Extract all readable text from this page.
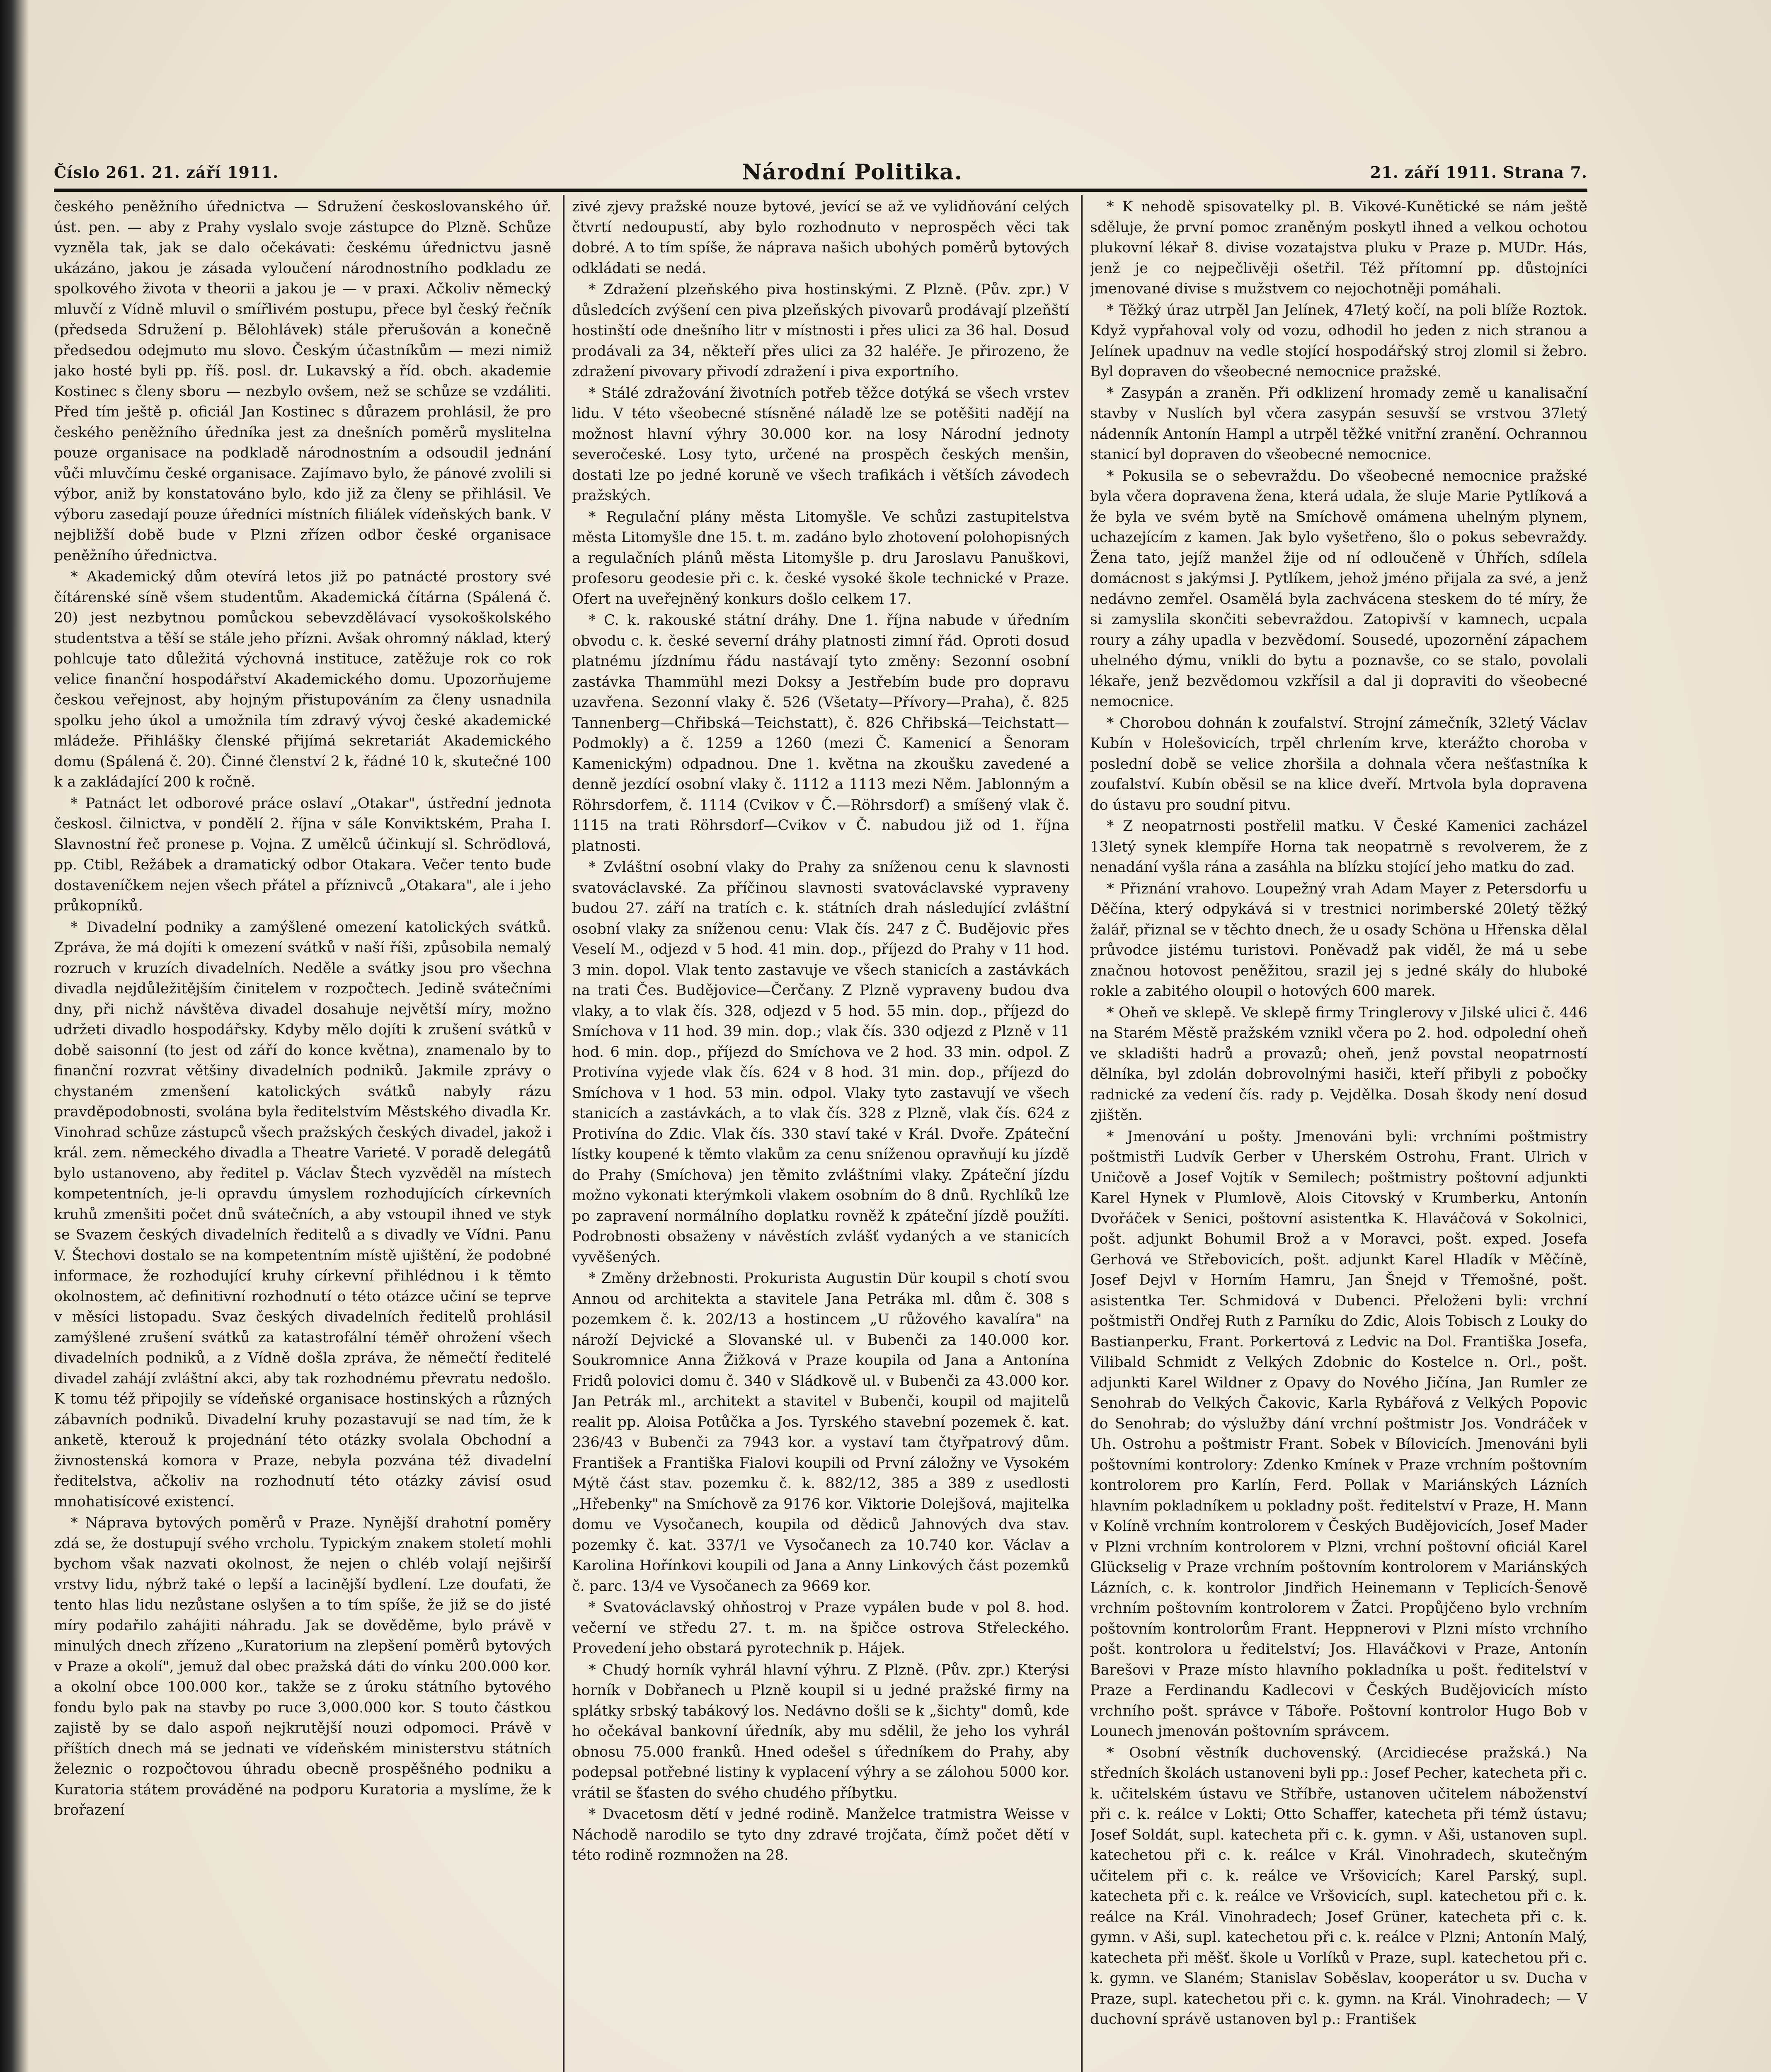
Číslo 261. 21. září 1911.	Národní Politika.	21. září 1911. Strana 7.

českého peněžního úřednictva — Sdružení českoslovanského úř. úst. pen. — aby z Prahy vyslalo svoje zástupce do Plzně. Schůze vyzněla tak, jak se dalo očekávati: českému úřednictvu jasně ukázáno, jakou je zásada vyloučení národnostního podkladu ze spolkového života v theorii a jakou je — v praxi. Ačkoliv německý mluvčí z Vídně mluvil o smířlivém postupu, přece byl český řečník (předseda Sdružení p. Bělohlávek) stále přerušován a konečně předsedou odejmuto mu slovo. Českým účastníkům — mezi nimiž jako hosté byli pp. říš. posl. dr. Lukavský a říd. obch. akademie Kostinec s členy sboru — nezbylo ovšem, než se schůze se vzdáliti. Před tím ještě p. oficiál Jan Kostinec s důrazem prohlásil, že pro českého peněžního úředníka jest za dnešních poměrů myslitelna pouze organisace na podkladě národnostním a odsoudil jednání vůči mluvčímu české organisace. Zajímavo bylo, že pánové zvolili si výbor, aniž by konstatováno bylo, kdo již za členy se přihlásil. Ve výboru zasedají pouze úředníci místních filiálek vídeňských bank. V nejbližší době bude v Plzni zřízen odbor české organisace peněžního úřednictva.

* Akademický dům otevírá letos již po patnácté prostory své čítárenské síně všem studentům. Akademická čítárna (Spálená č. 20) jest nezbytnou pomůckou sebevzdělávací vysokoškolského studentstva a těší se stále jeho přízni. Avšak ohromný náklad, který pohlcuje tato důležitá výchovná instituce, zatěžuje rok co rok velice finanční hospodářství Akademického domu. Upozorňujeme českou veřejnost, aby hojným přistupováním za členy usnadnila spolku jeho úkol a umožnila tím zdravý vývoj české akademické mládeže. Přihlášky členské přijímá sekretariát Akademického domu (Spálená č. 20). Činné členství 2 k, řádné 10 k, skutečné 100 k a zakládající 200 k ročně.

* Patnáct let odborové práce oslaví „Otakar", ústřední jednota českosl. čilnictva, v pondělí 2. října v sále Konviktském, Praha I. Slavnostní řeč pronese p. Vojna. Z umělců účinkují sl. Schrödlová, pp. Ctibl, Režábek a dramatický odbor Otakara. Večer tento bude dostaveníčkem nejen všech přátel a příznivců „Otakara", ale i jeho průkopníků.

* Divadelní podniky a zamýšlené omezení katolických svátků. Zpráva, že má dojíti k omezení svátků v naší říši, způsobila nemalý rozruch v kruzích divadelních. Neděle a svátky jsou pro všechna divadla nejdůležitějším činitelem v rozpočtech. Jedině svátečními dny, při nichž návštěva divadel dosahuje největší míry, možno udržeti divadlo hospodářsky. Kdyby mělo dojíti k zrušení svátků v době saisonní (to jest od září do konce května), znamenalo by to finanční rozvrat většiny divadelních podniků. Jakmile zprávy o chystaném zmenšení katolických svátků nabyly rázu pravděpodobnosti, svolána byla ředitelstvím Městského divadla Kr. Vinohrad schůze zástupců všech pražských českých divadel, jakož i král. zem. německého divadla a Theatre Varieté. V poradě delegátů bylo ustanoveno, aby ředitel p. Václav Štech vyzvěděl na místech kompetentních, je-li opravdu úmyslem rozhodujících církevních kruhů zmenšiti počet dnů svátečních, a aby vstoupil ihned ve styk se Svazem českých divadelních ředitelů a s divadly ve Vídni. Panu V. Štechovi dostalo se na kompetentním místě ujištění, že podobné informace, že rozhodující kruhy církevní přihlédnou i k těmto okolnostem, ač definitivní rozhodnutí o této otázce učiní se teprve v měsíci listopadu. Svaz českých divadelních ředitelů prohlásil zamýšlené zrušení svátků za katastrofální téměř ohrožení všech divadelních podniků, a z Vídně došla zpráva, že němečtí ředitelé divadel zahájí zvláštní akci, aby tak rozhodnému převratu nedošlo. K tomu též připojily se vídeňské organisace hostinských a různých zábavních podniků. Divadelní kruhy pozastavují se nad tím, že k anketě, kterouž k projednání této otázky svolala Obchodní a živnostenská komora v Praze, nebyla pozvána též divadelní ředitelstva, ačkoliv na rozhodnutí této otázky závisí osud mnohatisícové existencí.

* Náprava bytových poměrů v Praze. Nynější drahotní poměry zdá se, že dostupují svého vrcholu. Typickým znakem století mohli bychom však nazvati okolnost, že nejen o chléb volají nejširší vrstvy lidu, nýbrž také o lepší a lacinější bydlení. Lze doufati, že tento hlas lidu nezůstane oslyšen a to tím spíše, že již se do jisté míry podařilo zahájiti náhradu. Jak se dověděme, bylo právě v minulých dnech zřízeno „Kuratorium na zlepšení poměrů bytových v Praze a okolí", jemuž dal obec pražská dáti do vínku 200.000 kor. a okolní obce 100.000 kor., takže se z úroku státního bytového fondu bylo pak na stavby po ruce 3,000.000 kor. S touto částkou zajistě by se dalo aspoň nejkrutější nouzi odpomoci. Právě v příštích dnech má se jednati ve vídeňském ministerstvu státních železnic o rozpočtovou úhradu obecně prospěšného podniku a Kuratoria státem prováděné na podporu Kuratoria a myslíme, že k brořazení

zivé zjevy pražské nouze bytové, jevící se až ve vylidňování celých čtvrtí nedoupustí, aby bylo rozhodnuto v neprospěch věci tak dobré. A to tím spíše, že náprava našich ubohých poměrů bytových odkládati se nedá.

* Zdražení plzeňského piva hostinskými. Z Plzně. (Pův. zpr.) V důsledcích zvýšení cen piva plzeňských pivovarů prodávají plzeňští hostinští ode dnešního litr v místnosti i přes ulici za 36 hal. Dosud prodávali za 34, někteří přes ulici za 32 haléře. Je přirozeno, že zdražení pivovary přivodí zdražení i piva exportního.

* Stálé zdražování životních potřeb těžce dotýká se všech vrstev lidu. V této všeobecné stísněné náladě lze se potěšiti nadějí na možnost hlavní výhry 30.000 kor. na losy Národní jednoty severočeské. Losy tyto, určené na prospěch českých menšin, dostati lze po jedné koruně ve všech trafikách i větších závodech pražských.

* Regulační plány města Litomyšle. Ve schůzi zastupitelstva města Litomyšle dne 15. t. m. zadáno bylo zhotovení polohopisných a regulačních plánů města Litomyšle p. dru Jaroslavu Panuškovi, profesoru geodesie při c. k. české vysoké škole technické v Praze. Ofert na uveřejněný konkurs došlo celkem 17.

* C. k. rakouské státní dráhy. Dne 1. října nabude v úředním obvodu c. k. české severní dráhy platnosti zimní řád. Oproti dosud platnému jízdnímu řádu nastávají tyto změny: Sezonní osobní zastávka Thammühl mezi Doksy a Jestřebím bude pro dopravu uzavřena. Sezonní vlaky č. 526 (Všetaty—Přívory—Praha), č. 825 Tannenberg—Chřibská—Teichstatt), č. 826 Chřibská—Teichstatt—Podmokly) a č. 1259 a 1260 (mezi Č. Kamenicí a Šenoram Kamenickým) odpadnou. Dne 1. května na zkoušku zavedené a denně jezdící osobní vlaky č. 1112 a 1113 mezi Něm. Jablonným a Röhrsdorfem, č. 1114 (Cvikov v Č.—Röhrsdorf) a smíšený vlak č. 1115 na trati Röhrsdorf—Cvikov v Č. nabudou již od 1. října platnosti.

* Zvláštní osobní vlaky do Prahy za sníženou cenu k slavnosti svatováclavské. Za příčinou slavnosti svatováclavské vypraveny budou 27. září na tratích c. k. státních drah následující zvláštní osobní vlaky za sníženou cenu: Vlak čís. 247 z Č. Budějovic přes Veselí M., odjezd v 5 hod. 41 min. dop., příjezd do Prahy v 11 hod. 3 min. dopol. Vlak tento zastavuje ve všech stanicích a zastávkách na trati Čes. Budějovice—Čerčany. Z Plzně vypraveny budou dva vlaky, a to vlak čís. 328, odjezd v 5 hod. 55 min. dop., příjezd do Smíchova v 11 hod. 39 min. dop.; vlak čís. 330 odjezd z Plzně v 11 hod. 6 min. dop., příjezd do Smíchova ve 2 hod. 33 min. odpol. Z Protivína vyjede vlak čís. 624 v 8 hod. 31 min. dop., příjezd do Smíchova v 1 hod. 53 min. odpol. Vlaky tyto zastavují ve všech stanicích a zastávkách, a to vlak čís. 328 z Plzně, vlak čís. 624 z Protivína do Zdic. Vlak čís. 330 staví také v Král. Dvoře. Zpáteční lístky koupené k těmto vlakům za cenu sníženou opravňují ku jízdě do Prahy (Smíchova) jen těmito zvláštními vlaky. Zpáteční jízdu možno vykonati kterýmkoli vlakem osobním do 8 dnů. Rychlíků lze po zapravení normálního doplatku rovněž k zpáteční jízdě použíti. Podrobnosti obsaženy v návěstích zvlášť vydaných a ve stanicích vyvěšených.

* Změny držebnosti. Prokurista Augustin Dür koupil s chotí svou Annou od architekta a stavitele Jana Petráka ml. dům č. 308 s pozemkem č. k. 202/13 a hostincem „U růžového kavalíra" na nároží Dejvické a Slovanské ul. v Bubenči za 140.000 kor. Soukromnice Anna Žižková v Praze koupila od Jana a Antonína Fridů polovici domu č. 340 v Sládkově ul. v Bubenči za 43.000 kor. Jan Petrák ml., architekt a stavitel v Bubenči, koupil od majitelů realit pp. Aloisa Potůčka a Jos. Tyrského stavební pozemek č. kat. 236/43 v Bubenči za 7943 kor. a vystaví tam čtyřpatrový dům. František a Františka Fialovi koupili od První záložny ve Vysokém Mýtě část stav. pozemku č. k. 882/12, 385 a 389 z usedlosti „Hřebenky" na Smíchově za 9176 kor. Viktorie Dolejšová, majitelka domu ve Vysočanech, koupila od dědiců Jahnových dva stav. pozemky č. kat. 337/1 ve Vysočanech za 10.740 kor. Václav a Karolina Hořínkovi koupili od Jana a Anny Linkových část pozemků č. parc. 13/4 ve Vysočanech za 9669 kor.

* Svatováclavský ohňostroj v Praze vypálen bude v pol 8. hod. večerní ve středu 27. t. m. na špičce ostrova Střeleckého. Provedení jeho obstará pyrotechnik p. Hájek.

* Chudý horník vyhrál hlavní výhru. Z Plzně. (Pův. zpr.) Kterýsi horník v Dobřanech u Plzně koupil si u jedné pražské firmy na splátky srbský tabákový los. Nedávno došli se k „šichty" domů, kde ho očekával bankovní úředník, aby mu sdělil, že jeho los vyhrál obnosu 75.000 franků. Hned odešel s úředníkem do Prahy, aby podepsal potřebné listiny k vyplacení výhry a se zálohou 5000 kor. vrátil se šťasten do svého chudého příbytku.

* Dvacetosm dětí v jedné rodině. Manželce tratmistra Weisse v Náchodě narodilo se tyto dny zdravé trojčata, čímž počet dětí v této rodině rozmnožen na 28.

* K nehodě spisovatelky pl. B. Vikové-Kunětické se nám ještě sděluje, že první pomoc zraněným poskytl ihned a velkou ochotou plukovní lékař 8. divise vozatajstva pluku v Praze p. MUDr. Hás, jenž je co nejpečlivěji ošetřil. Též přítomní pp. důstojníci jmenované divise s mužstvem co nejochotněji pomáhali.

* Těžký úraz utrpěl Jan Jelínek, 47letý kočí, na poli blíže Roztok. Když vypřahoval voly od vozu, odhodil ho jeden z nich stranou a Jelínek upadnuv na vedle stojící hospodářský stroj zlomil si žebro. Byl dopraven do všeobecné nemocnice pražské.

* Zasypán a zraněn. Při odklizení hromady země u kanalisační stavby v Nuslích byl včera zasypán sesuvší se vrstvou 37letý nádenník Antonín Hampl a utrpěl těžké vnitřní zranění. Ochrannou stanicí byl dopraven do všeobecné nemocnice.

* Pokusila se o sebevraždu. Do všeobecné nemocnice pražské byla včera dopravena žena, která udala, že sluje Marie Pytlíková a že byla ve svém bytě na Smíchově omámena uhelným plynem, uchazejícím z kamen. Jak bylo vyšetřeno, šlo o pokus sebevraždy. Žena tato, jejíž manžel žije od ní odloučeně v Úhřích, sdílela domácnost s jakýmsi J. Pytlíkem, jehož jméno přijala za své, a jenž nedávno zemřel. Osamělá byla zachvácena steskem do té míry, že si zamyslila skončiti sebevraždou. Zatopivší v kamnech, ucpala roury a záhy upadla v bezvědomí. Sousedé, upozornění zápachem uhelného dýmu, vnikli do bytu a poznavše, co se stalo, povolali lékaře, jenž bezvědomou vzkřísil a dal ji dopraviti do všeobecné nemocnice.

* Chorobou dohnán k zoufalství. Strojní zámečník, 32letý Václav Kubín v Holešovicích, trpěl chrlením krve, kterážto choroba v poslední době se velice zhoršila a dohnala včera nešťastníka k zoufalství. Kubín oběsil se na klice dveří. Mrtvola byla dopravena do ústavu pro soudní pitvu.

* Z neopatrnosti postřelil matku. V České Kamenici zacházel 13letý synek klempíře Horna tak neopatrně s revolverem, že z nenadání vyšla rána a zasáhla na blízku stojící jeho matku do zad.

* Přiznání vrahovo. Loupežný vrah Adam Mayer z Petersdorfu u Děčína, který odpykává si v trestnici norimberské 20letý těžký žalář, přiznal se v těchto dnech, že u osady Schöna u Hřenska dělal průvodce jistému turistovi. Poněvadž pak viděl, že má u sebe značnou hotovost peněžitou, srazil jej s jedné skály do hluboké rokle a zabitého oloupil o hotových 600 marek.

* Oheň ve sklepě. Ve sklepě firmy Tringlerovy v Jilské ulici č. 446 na Starém Městě pražském vznikl včera po 2. hod. odpolední oheň ve skladišti hadrů a provazů; oheň, jenž povstal neopatrností dělníka, byl zdolán dobrovolnými hasiči, kteří přibyli z pobočky radnické za vedení čís. rady p. Vejdělka. Dosah škody není dosud zjištěn.

* Jmenování u pošty. Jmenováni byli: vrchními poštmistry poštmistři Ludvík Gerber v Uherském Ostrohu, Frant. Ulrich v Uničově a Josef Vojtík v Semilech; poštmistry poštovní adjunkti Karel Hynek v Plumlově, Alois Citovský v Krumberku, Antonín Dvořáček v Senici, poštovní asistentka K. Hlaváčová v Sokolnici, pošt. adjunkt Bohumil Brož a v Moravci, pošt. exped. Josefa Gerhová ve Střebovicích, pošt. adjunkt Karel Hladík v Měčíně, Josef Dejvl v Horním Hamru, Jan Šnejd v Třemošné, pošt. asistentka Ter. Schmidová v Dubenci. Přeloženi byli: vrchní poštmistři Ondřej Ruth z Parníku do Zdic, Alois Tobisch z Louky do Bastianperku, Frant. Porkertová z Ledvic na Dol. Františka Josefa, Vilibald Schmidt z Velkých Zdobnic do Kostelce n. Orl., pošt. adjunkti Karel Wildner z Opavy do Nového Jičína, Jan Rumler ze Senohrab do Velkých Čakovic, Karla Rybářová z Velkých Popovic do Senohrab; do výslužby dání vrchní poštmistr Jos. Vondráček v Uh. Ostrohu a poštmistr Frant. Sobek v Bílovicích. Jmenováni byli poštovními kontrolory: Zdenko Kmínek v Praze vrchním poštovním kontrolorem pro Karlín, Ferd. Pollak v Mariánských Lázních hlavním pokladníkem u pokladny pošt. ředitelství v Praze, H. Mann v Kolíně vrchním kontrolorem v Českých Budějovicích, Josef Mader v Plzni vrchním kontrolorem v Plzni, vrchní poštovní oficiál Karel Glückselig v Praze vrchním poštovním kontrolorem v Mariánských Lázních, c. k. kontrolor Jindřich Heinemann v Teplicích-Šenově vrchním poštovním kontrolorem v Žatci. Propůjčeno bylo vrchním poštovním kontrolorům Frant. Heppnerovi v Plzni místo vrchního pošt. kontrolora u ředitelství; Jos. Hlaváčkovi v Praze, Antonín Barešovi v Praze místo hlavního pokladníka u pošt. ředitelství v Praze a Ferdinandu Kadlecovi v Českých Budějovicích místo vrchního pošt. správce v Táboře. Poštovní kontrolor Hugo Bob v Lounech jmenován poštovním správcem.

* Osobní věstník duchovenský. (Arcidiecése pražská.) Na středních školách ustanoveni byli pp.: Josef Pecher, katecheta při c. k. učitelském ústavu ve Stříbře, ustanoven učitelem náboženství při c. k. reálce v Lokti; Otto Schaffer, katecheta při témž ústavu; Josef Soldát, supl. katecheta při c. k. gymn. v Aši, ustanoven supl. katechetou při c. k. reálce v Král. Vinohradech, skutečným učitelem při c. k. reálce ve Vršovicích; Karel Parský, supl. katecheta při c. k. reálce ve Vršovicích, supl. katechetou při c. k. reálce na Král. Vinohradech; Josef Grüner, katecheta při c. k. gymn. v Aši, supl. katechetou při c. k. reálce v Plzni; Antonín Malý, katecheta při měšť. škole u Vorlíků v Praze, supl. katechetou při c. k. gymn. ve Slaném; Stanislav Soběslav, kooperátor u sv. Ducha v Praze, supl. katechetou při c. k. gymn. na Král. Vinohradech; — V duchovní správě ustanoven byl p.: František
